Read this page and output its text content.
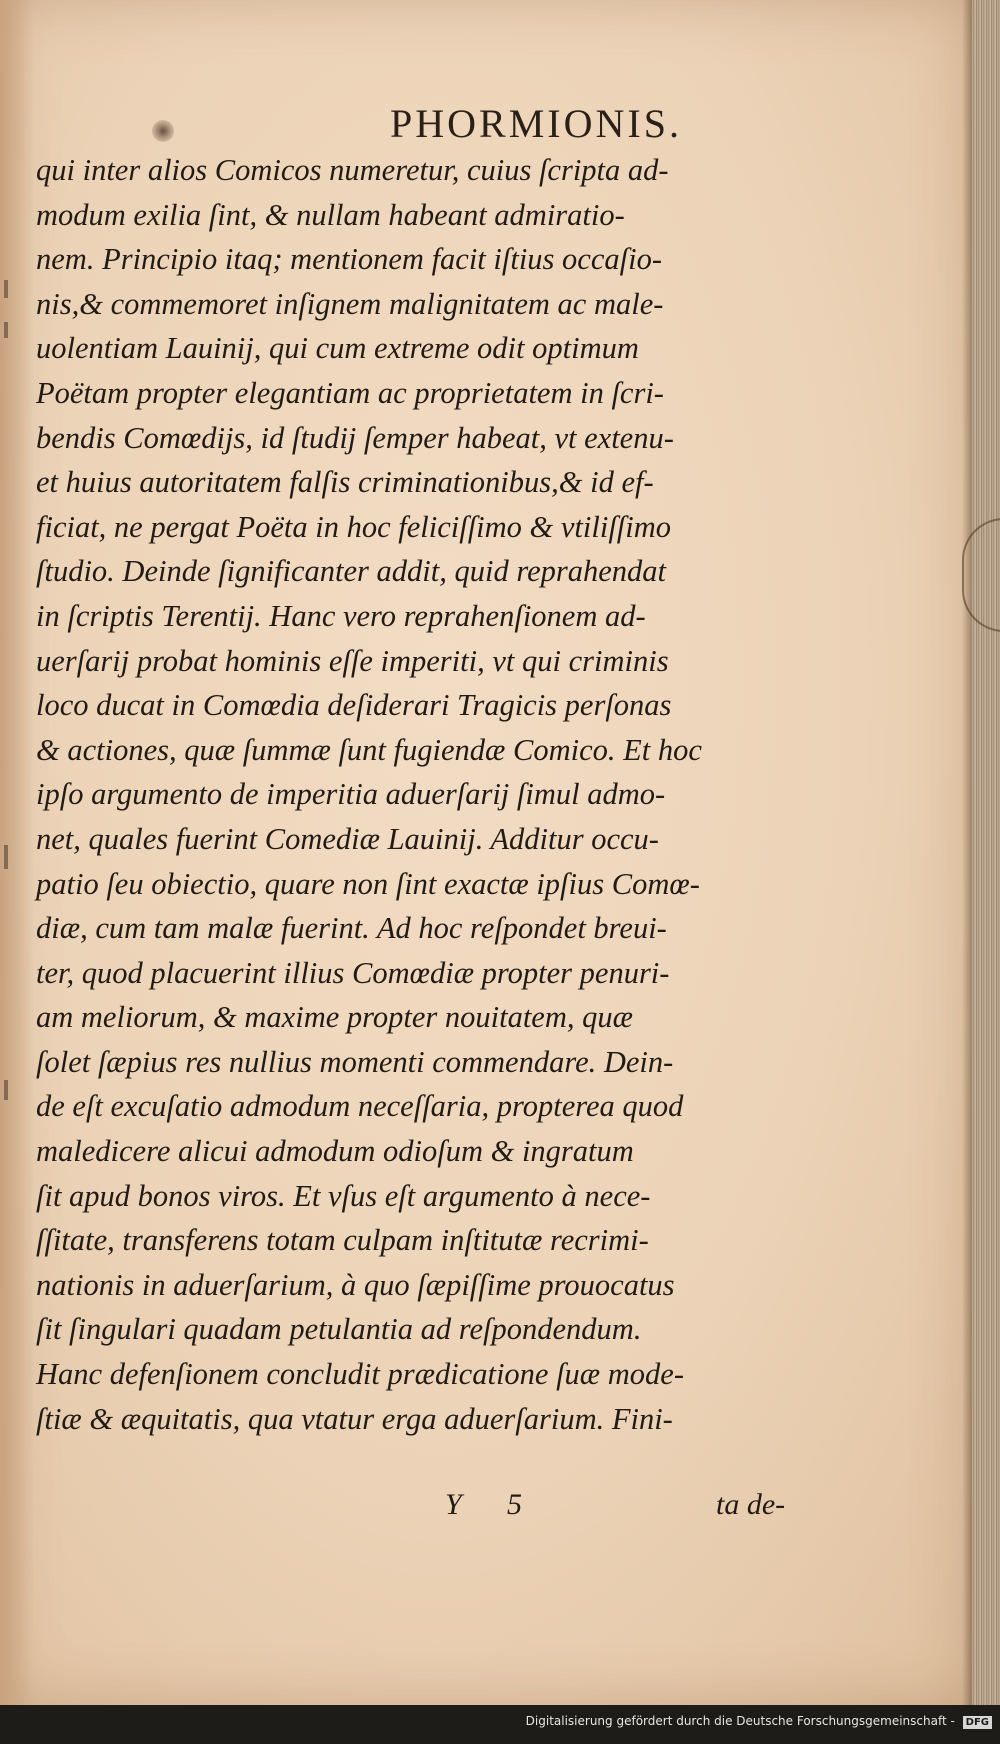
PHORMIONIS.
qui inter alios Comicos numeretur, cuius ſcripta ad-
modum exilia ſint, & nullam habeant admiratio-
nem. Principio itaq; mentionem facit iſtius occaſio-
nis,& commemoret inſignem malignitatem ac male-
uolentiam Lauinij, qui cum extreme odit optimum
Poëtam propter elegantiam ac proprietatem in ſcri-
bendis Comœdijs, id ſtudij ſemper habeat, vt extenu-
et huius autoritatem falſis criminationibus,& id ef-
ficiat, ne pergat Poëta in hoc feliciſſimo & vtiliſſimo
ſtudio. Deinde ſignificanter addit, quid reprahendat
in ſcriptis Terentij. Hanc vero reprahenſionem ad-
uerſarij probat hominis eſſe imperiti, vt qui criminis
loco ducat in Comœdia deſiderari Tragicis perſonas
& actiones, quæ ſummæ ſunt fugiendæ Comico. Et hoc
ipſo argumento de imperitia aduerſarij ſimul admo-
net, quales fuerint Comediæ Lauinij. Additur occu-
patio ſeu obiectio, quare non ſint exactæ ipſius Comœ-
diæ, cum tam malæ fuerint. Ad hoc reſpondet breui-
ter, quod placuerint illius Comœdiæ propter penuri-
am meliorum, & maxime propter nouitatem, quæ
ſolet ſæpius res nullius momenti commendare. Dein-
de eſt excuſatio admodum neceſſaria, propterea quod
maledicere alicui admodum odioſum & ingratum
ſit apud bonos viros. Et vſus eſt argumento à nece-
ſſitate, transferens totam culpam inſtitutæ recrimi-
nationis in aduerſarium, à quo ſæpiſſime prouocatus
ſit ſingulari quadam petulantia ad reſpondendum.
Hanc defenſionem concludit prædicatione ſuæ mode-
ſtiæ & æquitatis, qua vtatur erga aduerſarium. Fini-
Y 5	ta de-
Digitalisierung gefördert durch die Deutsche Forschungsgemeinschaft - DFG
